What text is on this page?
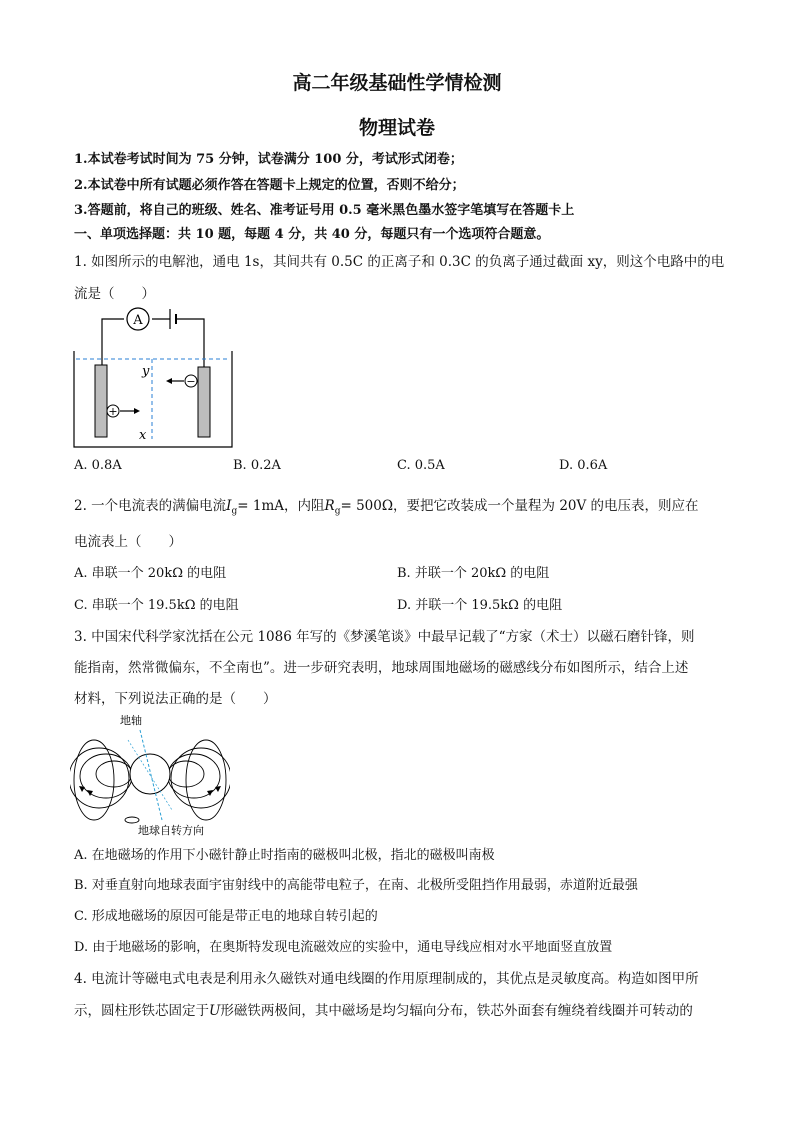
高二年级基础性学情检测
物理试卷
1.本试卷考试时间为 75 分钟，试卷满分 100 分，考试形式闭卷；
2.本试卷中所有试题必须作答在答题卡上规定的位置，否则不给分；
3.答题前，将自己的班级、姓名、准考证号用 0.5 毫米黑色墨水签字笔填写在答题卡上
一、单项选择题：共 10 题，每题 4 分，共 40 分，每题只有一个选项符合题意。
1. 如图所示的电解池，通电 1s，其间共有 0.5C 的正离子和 0.3C 的负离子通过截面 xy，则这个电路中的电
流是（　　）
A
+
−
y
x
A. 0.8A	B. 0.2A	C. 0.5A	D. 0.6A
2. 一个电流表的满偏电流$I_g= 1mA$，内阻$R_g= 500\Omega$，要把它改装成一个量程为 20V 的电压表，则应在
电流表上（　　）
A. 串联一个 20kΩ 的电阻	B. 并联一个 20kΩ 的电阻
C. 串联一个 19.5kΩ 的电阻	D. 并联一个 19.5kΩ 的电阻
3. 中国宋代科学家沈括在公元 1086 年写的《梦溪笔谈》中最早记载了“方家（术士）以磁石磨针锋，则
能指南，然常微偏东，不全南也”。进一步研究表明，地球周围地磁场的磁感线分布如图所示，结合上述
材料，下列说法正确的是（　　）
地轴
地球自转方向
A. 在地磁场的作用下小磁针静止时指南的磁极叫北极，指北的磁极叫南极
B. 对垂直射向地球表面宇宙射线中的高能带电粒子，在南、北极所受阻挡作用最弱，赤道附近最强
C. 形成地磁场的原因可能是带正电的地球自转引起的
D. 由于地磁场的影响，在奥斯特发现电流磁效应的实验中，通电导线应相对水平地面竖直放置
4. 电流计等磁电式电表是利用永久磁铁对通电线圈的作用原理制成的，其优点是灵敏度高。构造如图甲所
示，圆柱形铁芯固定于U形磁铁两极间，其中磁场是均匀辐向分布，铁芯外面套有缠绕着线圈并可转动的
